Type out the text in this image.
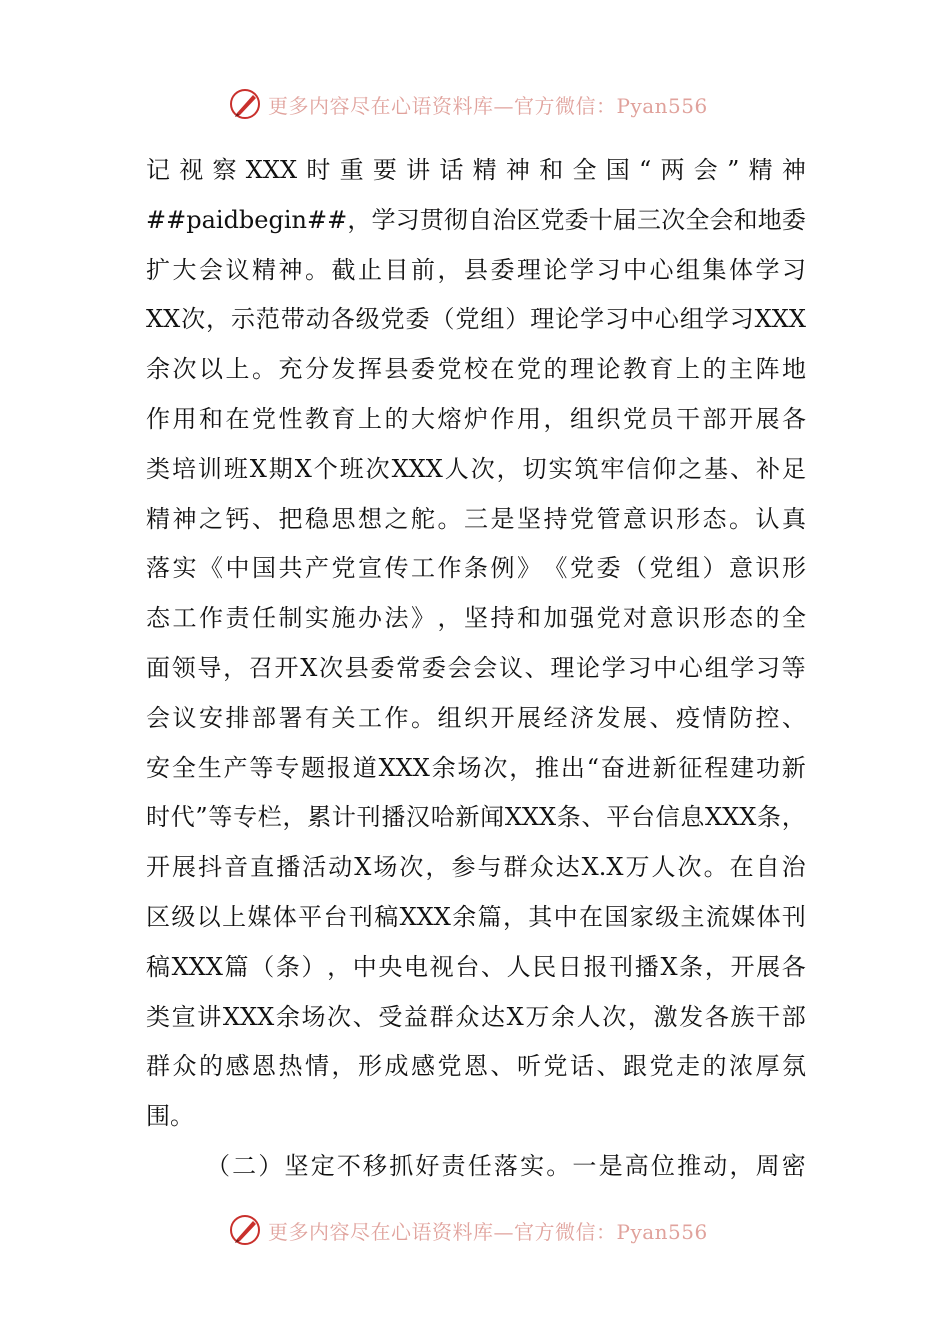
更多内容尽在心语资料库—官方微信：Pyan556
记 视 察 XXX 时 重 要 讲 话 精 神 和 全 国 “ 两 会 ” 精 神
##paidbegin## ， 学 习 贯 彻 自 治 区 党 委 十 届 三 次 全 会 和 地 委
扩 大 会 议 精 神 。 截 止 目 前 ， 县 委 理 论 学 习 中 心 组 集 体 学 习
XX 次 ， 示 范 带 动 各 级 党 委 （ 党 组 ） 理 论 学 习 中 心 组 学 习 XXX
余 次 以 上 。 充 分 发 挥 县 委 党 校 在 党 的 理 论 教 育 上 的 主 阵 地
作 用 和 在 党 性 教 育 上 的 大 熔 炉 作 用 ， 组 织 党 员 干 部 开 展 各
类 培 训 班 X 期 X 个 班 次 XXX 人 次 ， 切 实 筑 牢 信 仰 之 基 、 补 足
精 神 之 钙 、 把 稳 思 想 之 舵 。 三 是 坚 持 党 管 意 识 形 态 。 认 真
落 实 《 中 国 共 产 党 宣 传 工 作 条 例 》 《 党 委 （ 党 组 ） 意 识 形
态 工 作 责 任 制 实 施 办 法 》 ， 坚 持 和 加 强 党 对 意 识 形 态 的 全
面 领 导 ， 召 开 X 次 县 委 常 委 会 会 议 、 理 论 学 习 中 心 组 学 习 等
会 议 安 排 部 署 有 关 工 作 。 组 织 开 展 经 济 发 展 、 疫 情 防 控 、
安 全 生 产 等 专 题 报 道 XXX 余 场 次 ， 推 出 “ 奋 进 新 征 程 建 功 新
时 代 ” 等 专 栏 ， 累 计 刊 播 汉 哈 新 闻 XXX 条 、 平 台 信 息 XXX 条 ，
开 展 抖 音 直 播 活 动 X 场 次 ， 参 与 群 众 达 X.X 万 人 次 。 在 自 治
区 级 以 上 媒 体 平 台 刊 稿 XXX 余 篇 ， 其 中 在 国 家 级 主 流 媒 体 刊
稿 XXX 篇 （ 条 ） ， 中 央 电 视 台 、 人 民 日 报 刊 播 X 条 ， 开 展 各
类 宣 讲 XXX 余 场 次 、 受 益 群 众 达 X 万 余 人 次 ， 激 发 各 族 干 部
群 众 的 感 恩 热 情 ， 形 成 感 党 恩 、 听 党 话 、 跟 党 走 的 浓 厚 氛
围。
（ 二 ） 坚 定 不 移 抓 好 责 任 落 实 。 一 是 高 位 推 动 ， 周 密
更多内容尽在心语资料库—官方微信：Pyan556
